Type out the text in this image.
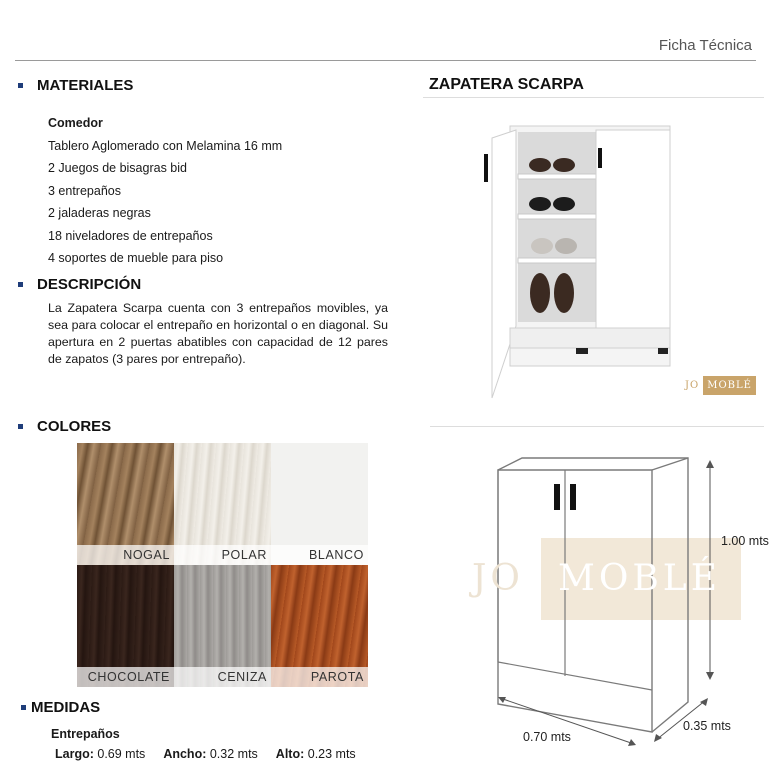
Ficha Técnica
MATERIALES
Comedor
Tablero Aglomerado con Melamina 16 mm
2 Juegos de bisagras bid
3 entrepaños
2 jaladeras negras
18 niveladores de entrepaños
4 soportes de mueble para piso
DESCRIPCIÓN
La Zapatera Scarpa cuenta con 3 entrepaños movibles, ya sea para colocar el entrepaño en horizontal o en diagonal. Su apertura en 2 puertas abatibles con capacidad de 12 pares de zapatos (3 pares por entrepaño).
COLORES
NOGAL	POLAR	BLANCO
CHOCOLATE	CENIZA	PAROTA
MEDIDAS
Entrepaños
Largo: 0.69 mts Ancho: 0.32 mts Alto: 0.23 mts
ZAPATERA SCARPA
JO MOBLÉ
JO MOBLÉ
1.00 mts
0.70 mts
0.35 mts
